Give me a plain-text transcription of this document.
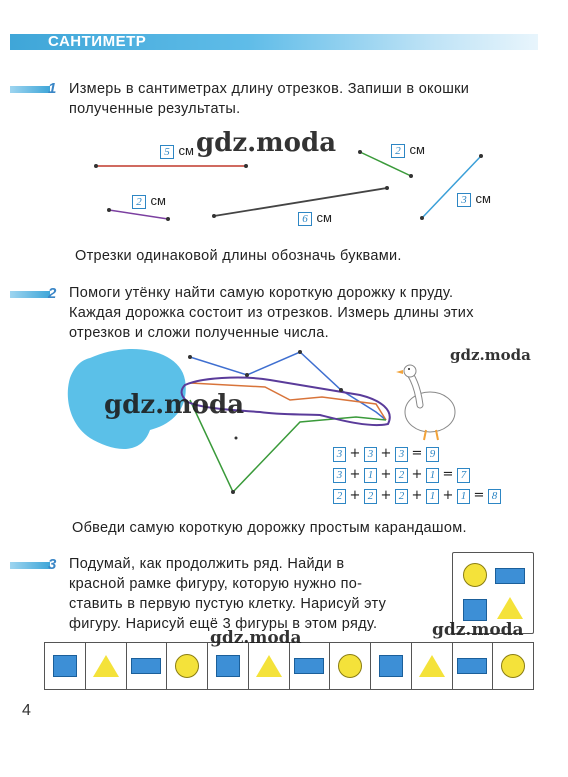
САНТИМЕТР
1 Измерь в сантиметрах длину отрезков. Запиши в окошки
полученные результаты.
5 см	2 см
2 см
6 см
3 см
Отрезки одинаковой длины обозначь буквами.
2 Помоги утёнку найти самую короткую дорожку к пруду.
Каждая дорожка состоит из отрезков. Измерь длины этих
отрезков и сложи полученные числа.
3 + 3 + 3 = 9
3 + 1 + 2 + 1 = 7
2 + 2 + 2 + 1 + 1 = 8
Обведи самую короткую дорожку простым карандашом.
3 Подумай, как продолжить ряд. Найди в
красной рамке фигуру, которую нужно по-
ставить в первую пустую клетку. Нарисуй эту
фигуру. Нарисуй ещё 3 фигуры в этом ряду.
gdz.moda
gdz.moda
gdz.moda
gdz.moda	gdz.moda
4
